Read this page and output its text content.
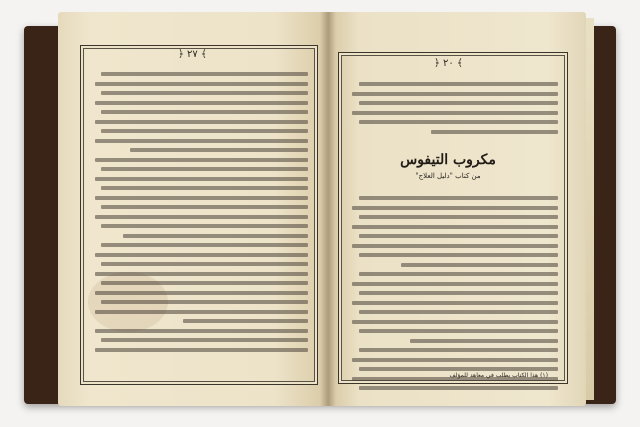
﴿ ٢٧ ﴾
﴿ ٢٠ ﴾
مكروب التيفوس
من كتاب "دليل العلاج"
(١) هذا الكتاب يطلب في معاهد للمؤلف
